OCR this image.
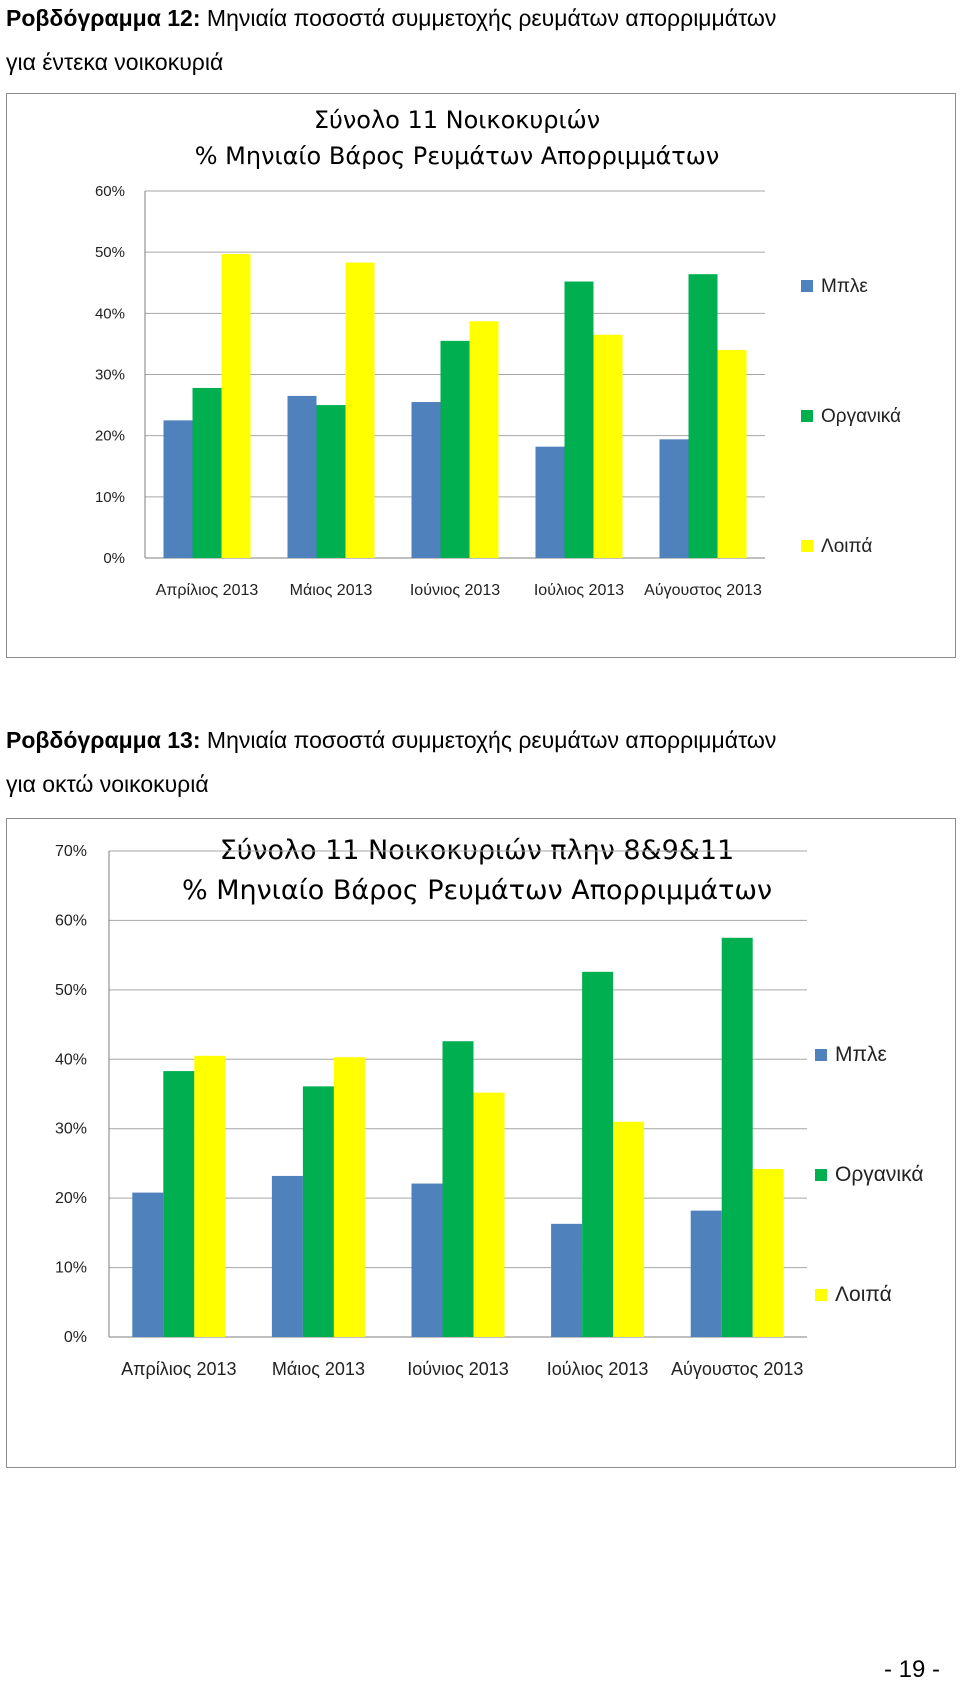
Ροβδόγραμμα 12: Μηνιαία ποσοστά συμμετοχής ρευμάτων απορριμμάτων
για έντεκα νοικοκυριά
Σύνολο 11 Νοικοκυριών
% Μηνιαίο Βάρος Ρευμάτων Απορριμμάτων
0%
10%
20%
30%
40%
50%
60%
Απρίλιος 2013 Μάιος 2013 Ιούνιος 2013 Ιούλιος 2013 Αύγουστος 2013
Μπλε
Οργανικά
Λοιπά
Ροβδόγραμμα 13: Μηνιαία ποσοστά συμμετοχής ρευμάτων απορριμμάτων
για οκτώ νοικοκυριά
Σύνολο 11 Νοικοκυριών πλην 8&9&11
% Μηνιαίο Βάρος Ρευμάτων Απορριμμάτων
0%
10%
20%
30%
40%
50%
60%
70%
Απρίλιος 2013 Μάιος 2013 Ιούνιος 2013 Ιούλιος 2013 Αύγουστος 2013
Μπλε
Οργανικά
Λοιπά
- 19 -
